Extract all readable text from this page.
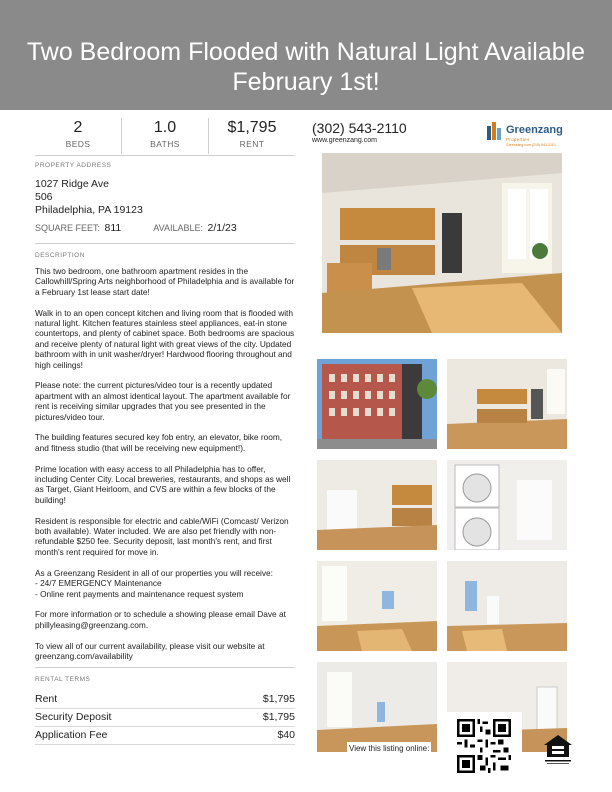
Two Bedroom Flooded with Natural Light Available
February 1st!
2
BEDS
1.0
BATHS
$1,795
RENT
PROPERTY ADDRESS
1027 Ridge Ave
506
Philadelphia, PA 19123
SQUARE FEET: 811	AVAILABLE: 2/1/23
DESCRIPTION

This two bedroom, one bathroom apartment resides in the Callowhill/Spring Arts neighborhood of Philadelphia and is available for a February 1st lease start date!

Walk in to an open concept kitchen and living room that is flooded with natural light. Kitchen features stainless steel appliances, eat-in stone countertops, and plenty of cabinet space. Both bedrooms are spacious and receive plenty of natural light with great views of the city. Updated bathroom with in unit washer/dryer! Hardwood flooring throughout and high ceilings!

Please note: the current pictures/video tour is a recently updated apartment with an almost identical layout. The apartment available for rent is receiving similar upgrades that you see presented in the pictures/video tour.

The building features secured key fob entry, an elevator, bike room, and fitness studio (that will be receiving new equipment!).

Prime location with easy access to all Philadelphia has to offer, including Center City. Local breweries, restaurants, and shops as well as Target, Giant Heirloom, and CVS are within a few blocks of the building!

Resident is responsible for electric and cable/WiFi (Comcast/ Verizon both available). Water included. We are also pet friendly with non-refundable $250 fee. Security deposit, last month's rent, and first month's rent required for move in.

As a Greenzang Resident in all of our properties you will receive:
- 24/7 EMERGENCY Maintenance
- Online rent payments and maintenance request system

For more information or to schedule a showing please email Dave at phillyleasing@greenzang.com.

To view all of our current availability, please visit our website at greenzang.com/availability

RENTAL TERMS
Rent	$1,795
Security Deposit	$1,795
Application Fee	$40
(302) 543-2110
www.greenzang.com
Greenzang
Properties
Greenzang.com (215) 543-2110
View this listing online:
